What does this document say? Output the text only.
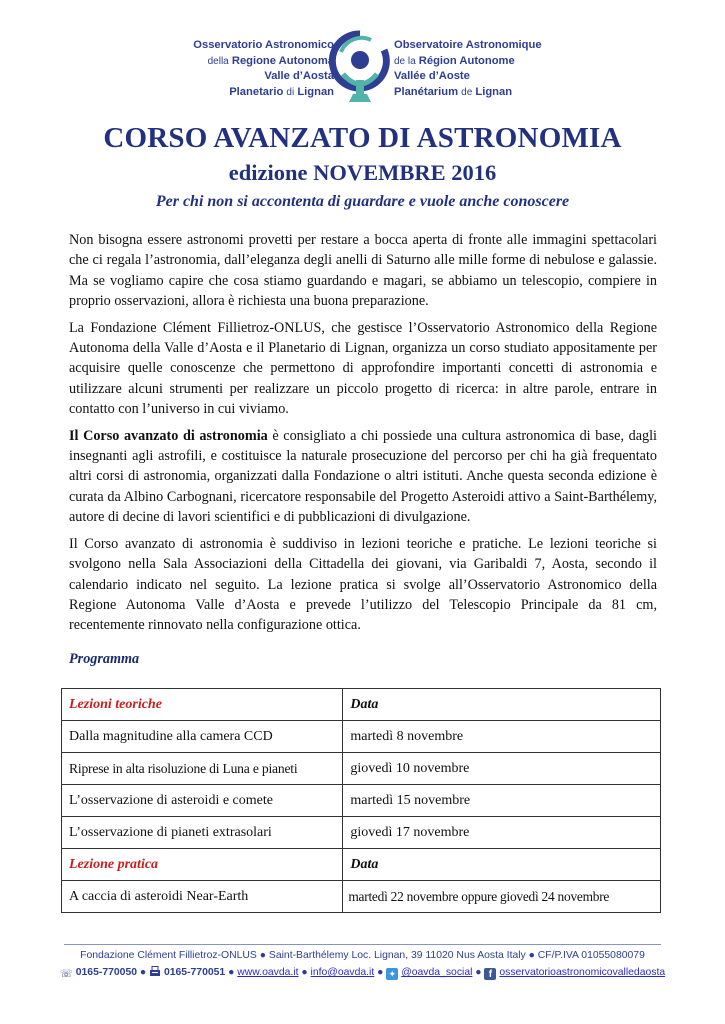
Osservatorio Astronomico
della Regione Autonoma
Valle d’Aosta
Planetario di Lignan
Observatoire Astronomique
de la Région Autonome
Vallée d’Aoste
Planétarium de Lignan
CORSO AVANZATO DI ASTRONOMIA
edizione NOVEMBRE 2016
Per chi non si accontenta di guardare e vuole anche conoscere

Non bisogna essere astronomi provetti per restare a bocca aperta di fronte alle immagini spettacolari che ci regala l’astronomia, dall’eleganza degli anelli di Saturno alle mille forme di nebulose e galassie. Ma se vogliamo capire che cosa stiamo guardando e magari, se abbiamo un telescopio, compiere in proprio osservazioni, allora è richiesta una buona preparazione.

La Fondazione Clément Fillietroz-ONLUS, che gestisce l’Osservatorio Astronomico della Regione Autonoma della Valle d’Aosta e il Planetario di Lignan, organizza un corso studiato appositamente per acquisire quelle conoscenze che permettono di approfondire importanti concetti di astronomia e utilizzare alcuni strumenti per realizzare un piccolo progetto di ricerca: in altre parole, entrare in contatto con l’universo in cui viviamo.

Il Corso avanzato di astronomia è consigliato a chi possiede una cultura astronomica di base, dagli insegnanti agli astrofili, e costituisce la naturale prosecuzione del percorso per chi ha già frequentato altri corsi di astronomia, organizzati dalla Fondazione o altri istituti. Anche questa seconda edizione è curata da Albino Carbognani, ricercatore responsabile del Progetto Asteroidi attivo a Saint-Barthélemy, autore di decine di lavori scientifici e di pubblicazioni di divulgazione.

Il Corso avanzato di astronomia è suddiviso in lezioni teoriche e pratiche. Le lezioni teoriche si svolgono nella Sala Associazioni della Cittadella dei giovani, via Garibaldi 7, Aosta, secondo il calendario indicato nel seguito. La lezione pratica si svolge all’Osservatorio Astronomico della Regione Autonoma Valle d’Aosta e prevede l’utilizzo del Telescopio Principale da 81 cm, recentemente rinnovato nella configurazione ottica.

Programma
Lezioni teoriche	Data
Dalla magnitudine alla camera CCD	martedì 8 novembre
Riprese in alta risoluzione di Luna e pianeti	giovedì 10 novembre
L’osservazione di asteroidi e comete	martedì 15 novembre
L’osservazione di pianeti extrasolari	giovedì 17 novembre
Lezione pratica	Data
A caccia di asteroidi Near-Earth	martedì 22 novembre oppure giovedì 24 novembre
Fondazione Clément Fillietroz-ONLUS ● Saint-Barthélemy Loc. Lignan, 39 11020 Nus Aosta Italy ● CF/P.IVA 01055080079
☏ 0165-770050 ● 0165-770051 ● www.oavda.it ● info@oavda.it ● ✦ @oavda_social ● f osservatorioastronomicovalledaosta
